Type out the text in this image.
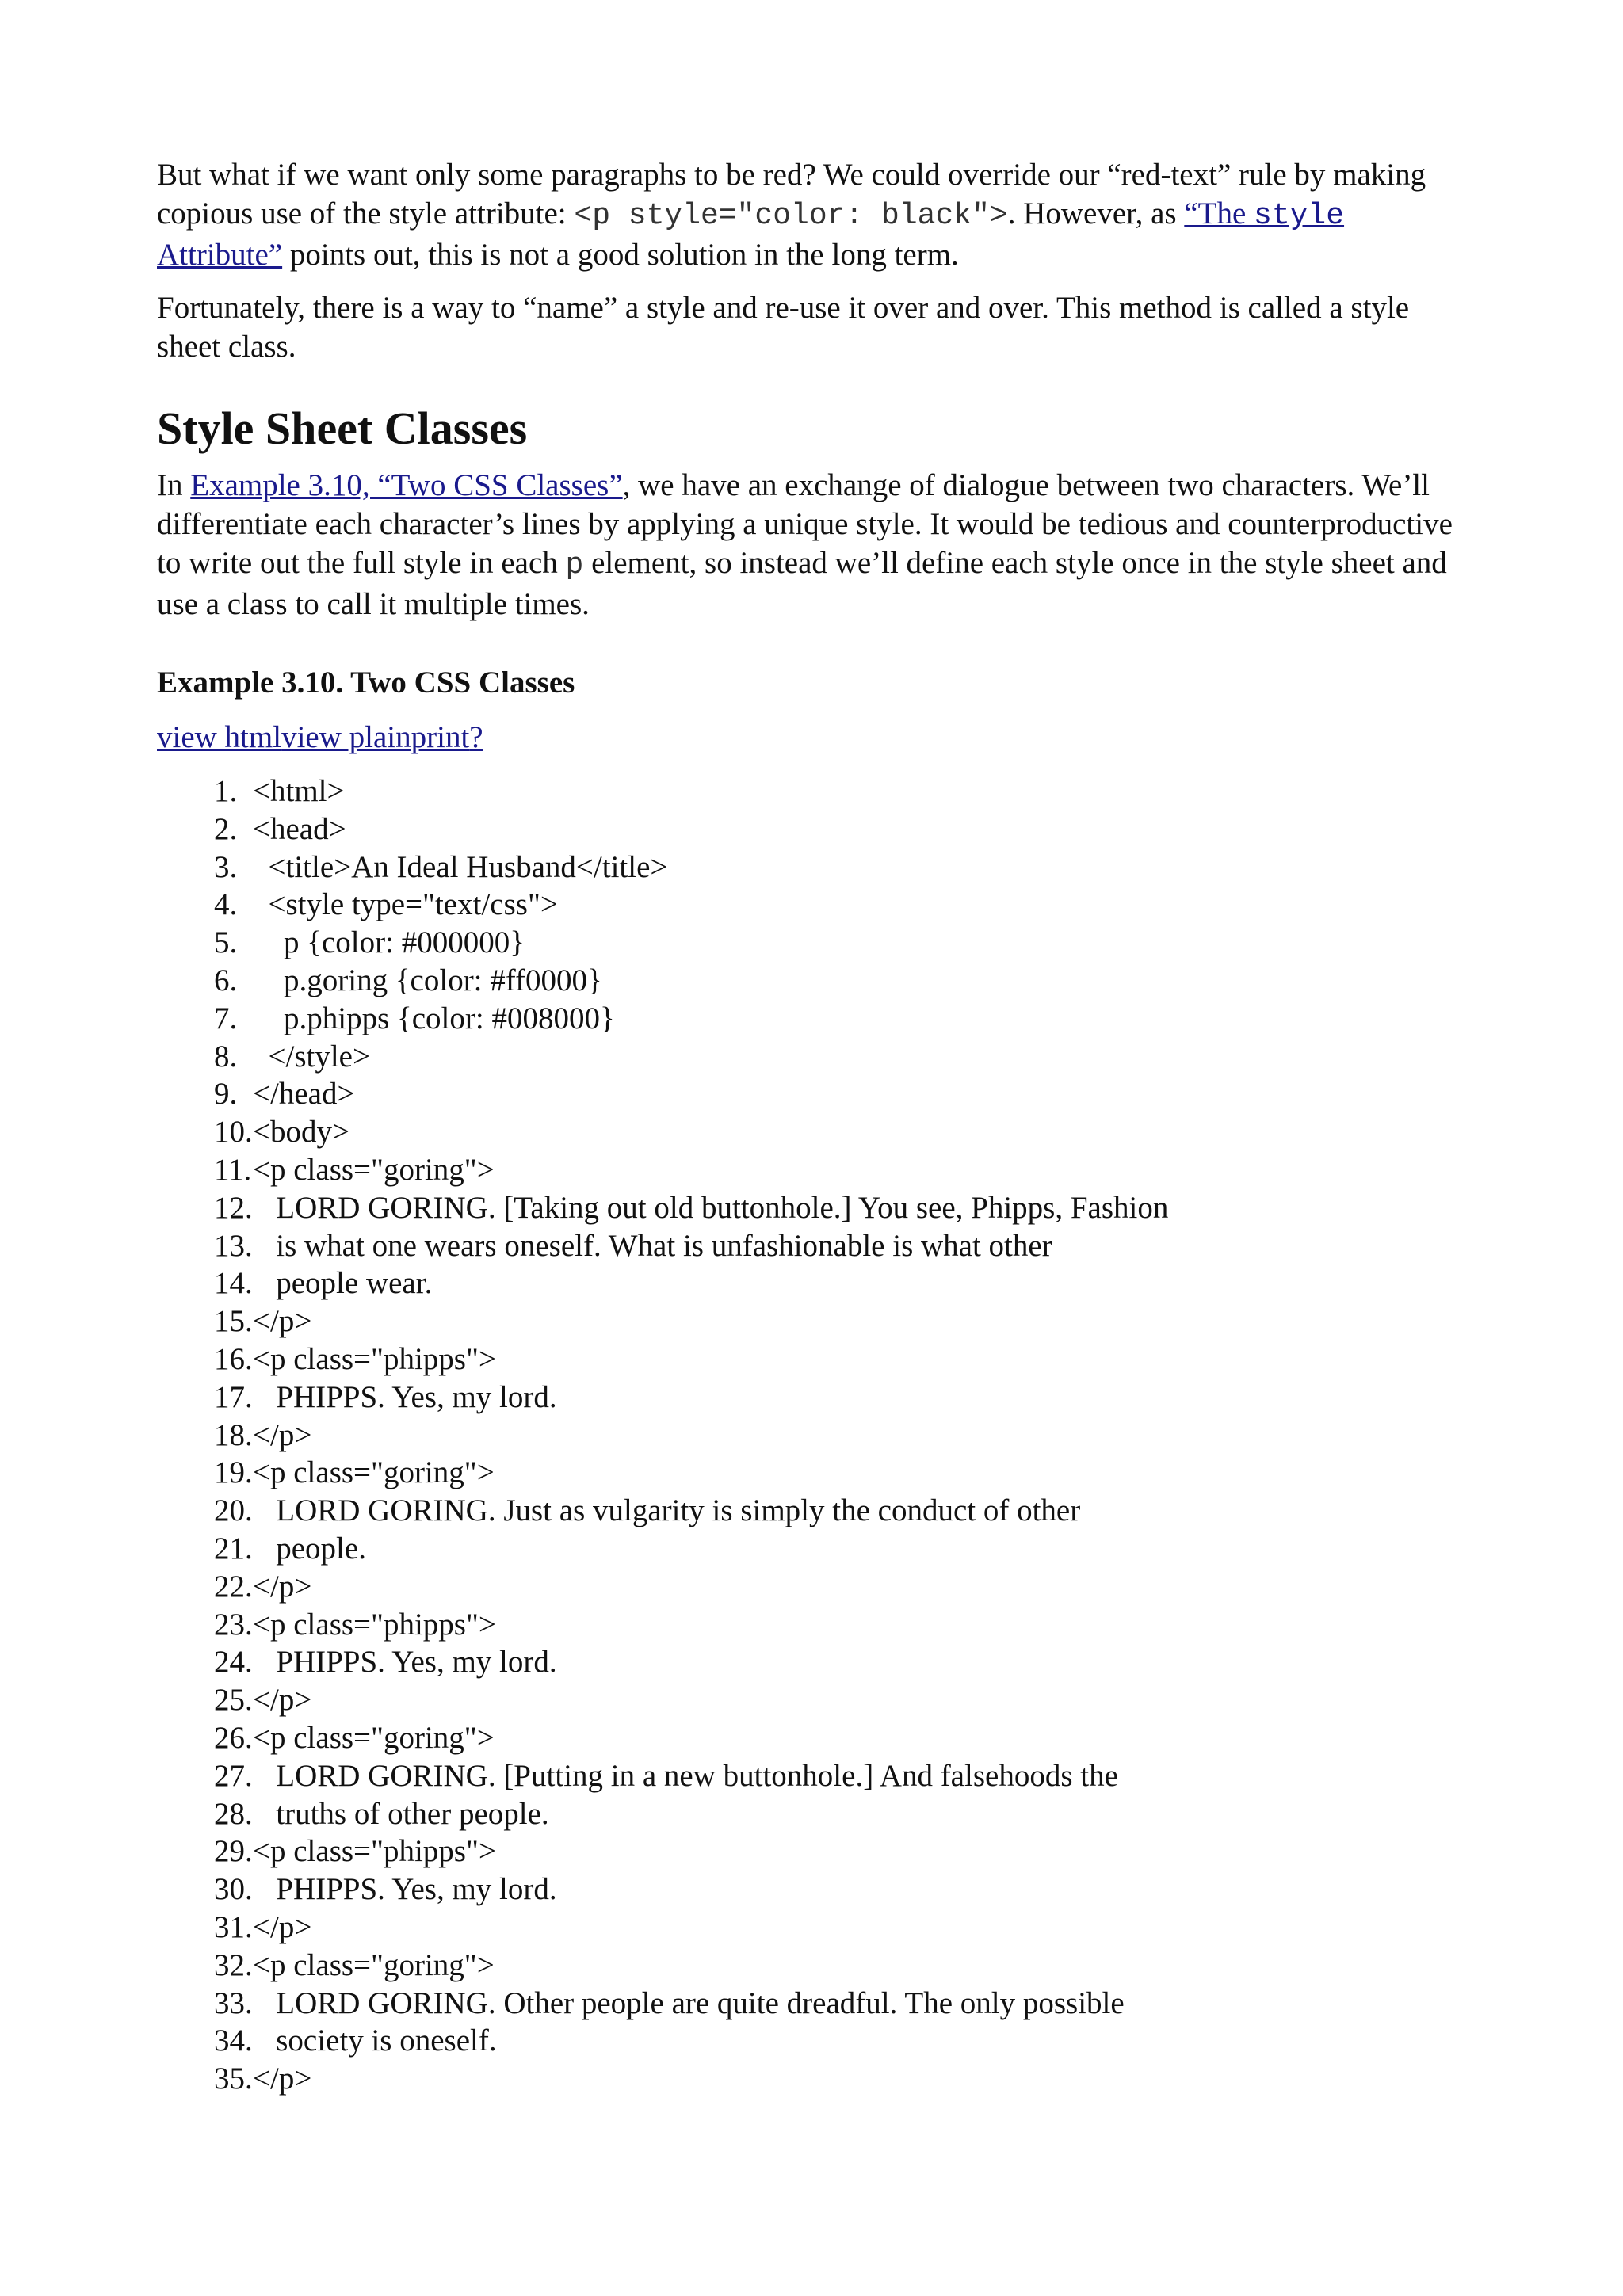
But what if we want only some paragraphs to be red? We could override our “red-text” rule by making copious use of the style attribute: <p style="color: black">. However, as “The style Attribute” points out, this is not a good solution in the long term.

Fortunately, there is a way to “name” a style and re-use it over and over. This method is called a style sheet class.

Style Sheet Classes

In Example 3.10, “Two CSS Classes”, we have an exchange of dialogue between two characters. We’ll differentiate each character’s lines by applying a unique style. It would be tedious and counterproductive to write out the full style in each p element, so instead we’ll define each style once in the style sheet and use a class to call it multiple times.

Example 3.10. Two CSS Classes
view htmlview plainprint?
1. <html>
2. <head>
3. <title>An Ideal Husband</title>
4. <style type="text/css">
5. p {color: #000000}
6. p.goring {color: #ff0000}
7. p.phipps {color: #008000}
8. </style>
9. </head>
10. <body>
11. <p class="goring">
12. LORD GORING. [Taking out old buttonhole.] You see, Phipps, Fashion
13. is what one wears oneself. What is unfashionable is what other
14. people wear.
15. </p>
16. <p class="phipps">
17. PHIPPS. Yes, my lord.
18. </p>
19. <p class="goring">
20. LORD GORING. Just as vulgarity is simply the conduct of other
21. people.
22. </p>
23. <p class="phipps">
24. PHIPPS. Yes, my lord.
25. </p>
26. <p class="goring">
27. LORD GORING. [Putting in a new buttonhole.] And falsehoods the
28. truths of other people.
29. <p class="phipps">
30. PHIPPS. Yes, my lord.
31. </p>
32. <p class="goring">
33. LORD GORING. Other people are quite dreadful. The only possible
34. society is oneself.
35. </p>
